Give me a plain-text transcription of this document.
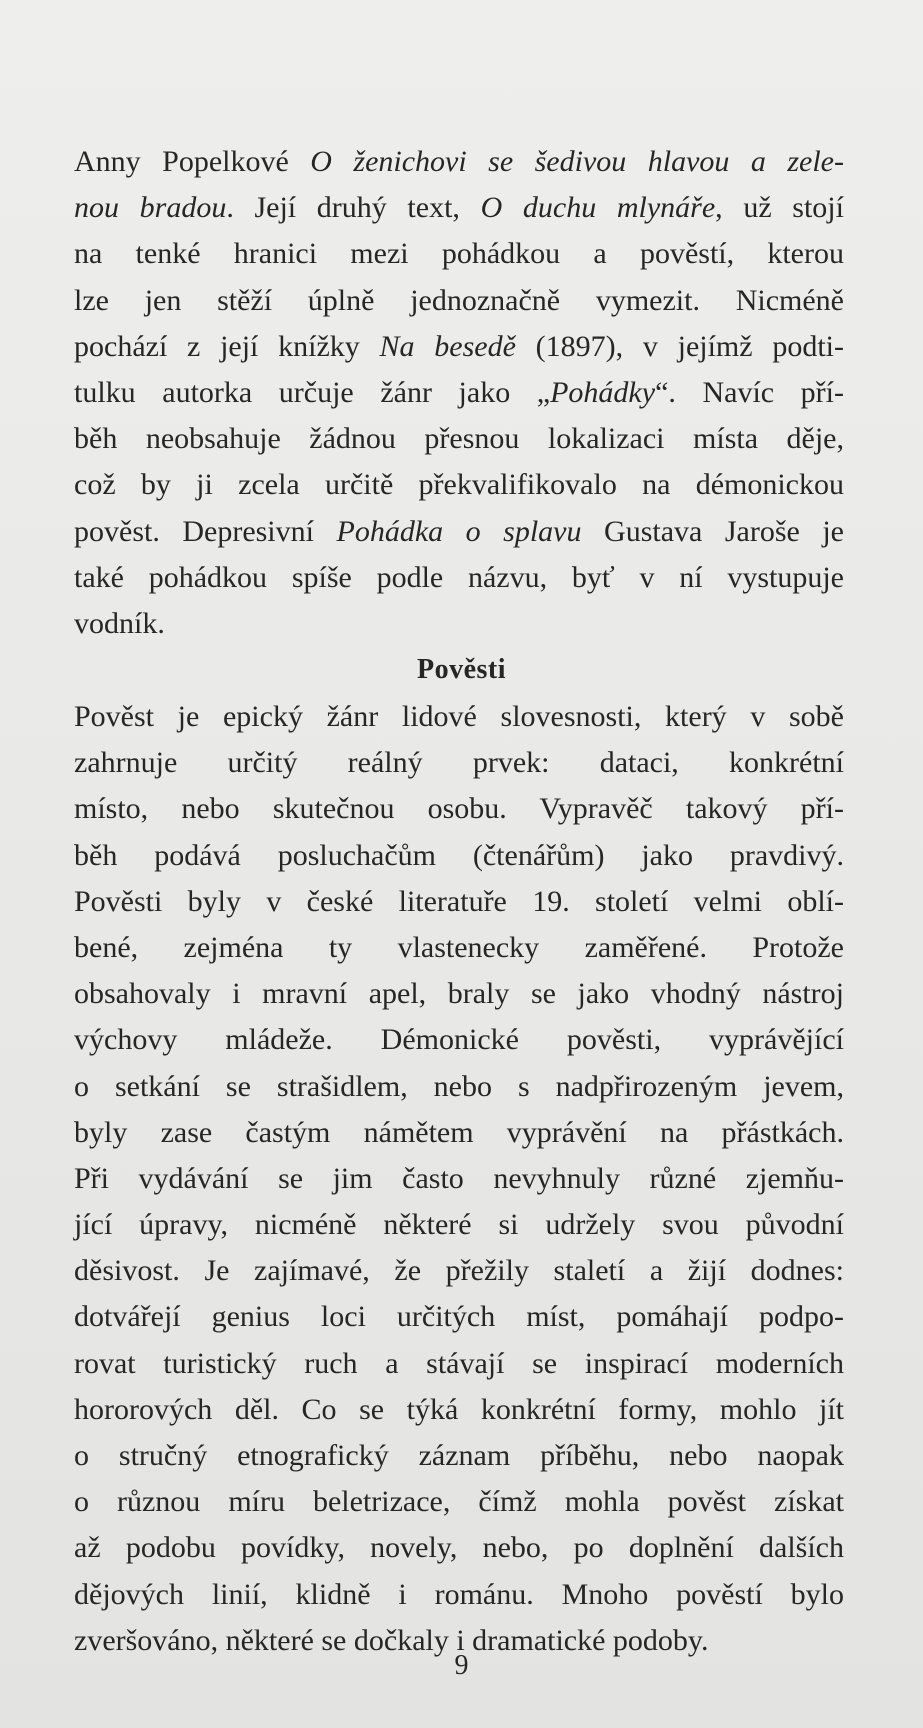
Anny Popelkové O ženichovi se šedivou hlavou a zele-
nou bradou. Její druhý text, O duchu mlynáře, už stojí
na tenké hranici mezi pohádkou a pověstí, kterou
lze jen stěží úplně jednoznačně vymezit. Nicméně
pochází z její knížky Na besedě (1897), v jejímž podti-
tulku autorka určuje žánr jako „Pohádky“. Navíc pří-
běh neobsahuje žádnou přesnou lokalizaci místa děje,
což by ji zcela určitě překvalifikovalo na démonickou
pověst. Depresivní Pohádka o splavu Gustava Jaroše je
také pohádkou spíše podle názvu, byť v ní vystupuje
vodník.
Pověsti
Pověst je epický žánr lidové slovesnosti, který v sobě
zahrnuje určitý reálný prvek: dataci, konkrétní
místo, nebo skutečnou osobu. Vypravěč takový pří-
běh podává posluchačům (čtenářům) jako pravdivý.
Pověsti byly v české literatuře 19. století velmi oblí-
bené, zejména ty vlastenecky zaměřené. Protože
obsahovaly i mravní apel, braly se jako vhodný nástroj
výchovy mládeže. Démonické pověsti, vyprávějící
o setkání se strašidlem, nebo s nadpřirozeným jevem,
byly zase častým námětem vyprávění na přástkách.
Při vydávání se jim často nevyhnuly různé zjemňu-
jící úpravy, nicméně některé si udržely svou původní
děsivost. Je zajímavé, že přežily staletí a žijí dodnes:
dotvářejí genius loci určitých míst, pomáhají podpo-
rovat turistický ruch a stávají se inspirací moderních
hororových děl. Co se týká konkrétní formy, mohlo jít
o stručný etnografický záznam příběhu, nebo naopak
o různou míru beletrizace, čímž mohla pověst získat
až podobu povídky, novely, nebo, po doplnění dalších
dějových linií, klidně i románu. Mnoho pověstí bylo
zveršováno, některé se dočkaly i dramatické podoby.
9
